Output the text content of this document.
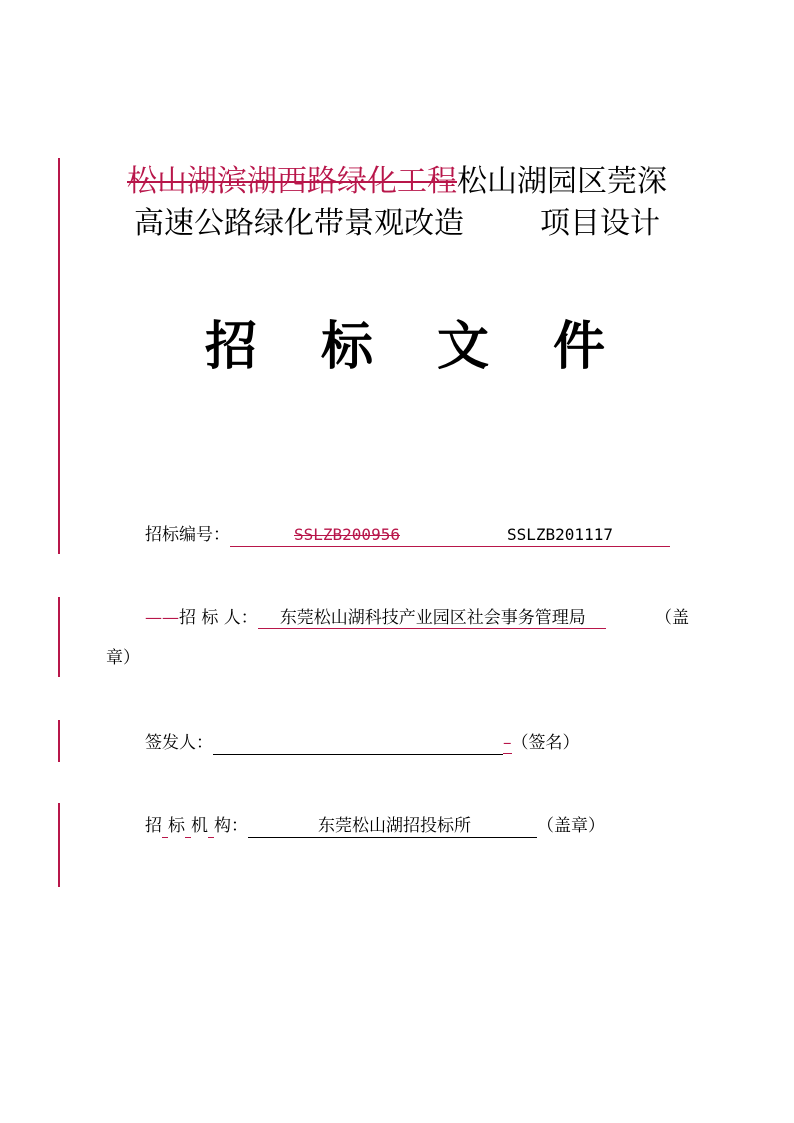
松山湖滨湖西路绿化工程松山湖园区莞深
高速公路绿化带景观改造	项目设计
招 标 文 件
招标编号：	SSLZB200956	SSLZB201117

——招 标 人： 东莞松山湖科技产业园区社会事务管理局	（盖
章）
签发人：	–（签名）
招 标 机 构：	东莞松山湖招投标所	（盖章）
